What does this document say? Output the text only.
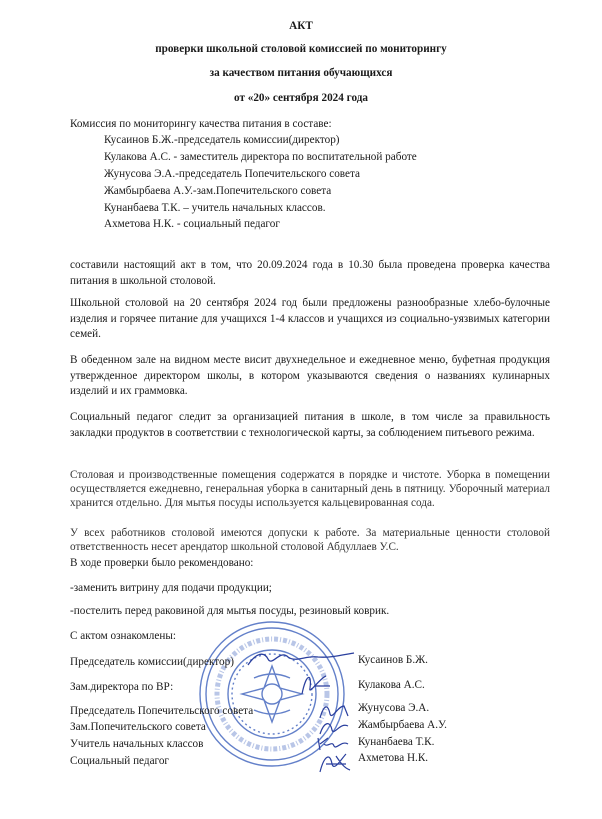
АКТ
проверки школьной столовой комиссией по мониторингу
за качеством питания обучающихся
от «20» сентября 2024 года
Комиссия по мониторингу качества питания в составе:
Кусаинов Б.Ж.-председатель комиссии(директор)
Кулакова А.С. - заместитель директора по воспитательной работе
Жунусова Э.А.-председатель Попечительского совета
Жамбырбаева А.У.-зам.Попечительского совета
Кунанбаева Т.К. – учитель начальных классов.
Ахметова Н.К. - социальный педагог
составили настоящий акт в том, что 20.09.2024 года в 10.30 была проведена проверка качества питания в школьной столовой.
Школьной столовой на 20 сентября 2024 год были предложены разнообразные хлебо-булочные изделия и горячее питание для учащихся 1-4 классов и учащихся из социально-уязвимых категории семей.
В обеденном зале на видном месте висит двухнедельное и ежедневное меню, буфетная продукция утвержденное директором школы, в котором указываются сведения о названиях кулинарных изделий и их граммовка.
Социальный педагог следит за организацией питания в школе, в том числе за правильность закладки продуктов в соответствии с технологической карты, за соблюдением питьевого режима.
Столовая и производственные помещения содержатся в порядке и чистоте. Уборка в помещении осуществляется ежедневно, генеральная уборка в санитарный день в пятницу. Уборочный материал хранится отдельно. Для мытья посуды используется кальцевированная сода.
У всех работников столовой имеются допуски к работе. За материальные ценности столовой ответственность несет арендатор школьной столовой Абдуллаев У.С.
В ходе проверки было рекомендовано:
-заменить витрину для подачи продукции;
-постелить перед раковиной для мытья посуды, резиновый коврик.
С актом ознакомлены:
Председатель комиссии(директор)	Кусаинов Б.Ж.
Зам.директора по ВР:	Кулакова А.С.
Председатель Попечительского совета	Жунусова Э.А.
Зам.Попечительского совета	Жамбырбаева А.У.
Учитель начальных классов	Кунанбаева Т.К.
Социальный педагог	Ахметова Н.К.
